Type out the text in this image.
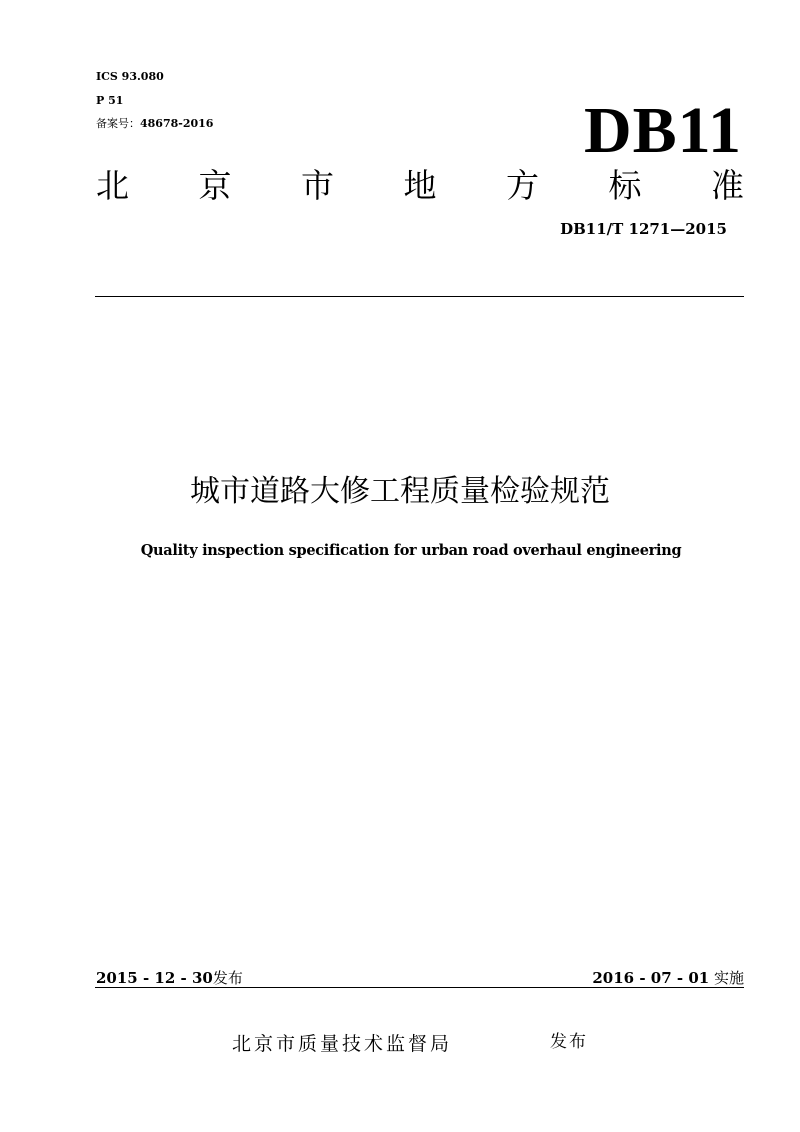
ICS 93.080

P 51

备案号：48678-2016	DB11
北 京 市 地 方 标 准
DB11/T 1271—2015
城市道路大修工程质量检验规范

Quality inspection specification for urban road overhaul engineering

2015 - 12 - 30发布	2016 - 07 - 01 实施
北京市质量技术监督局	发布
